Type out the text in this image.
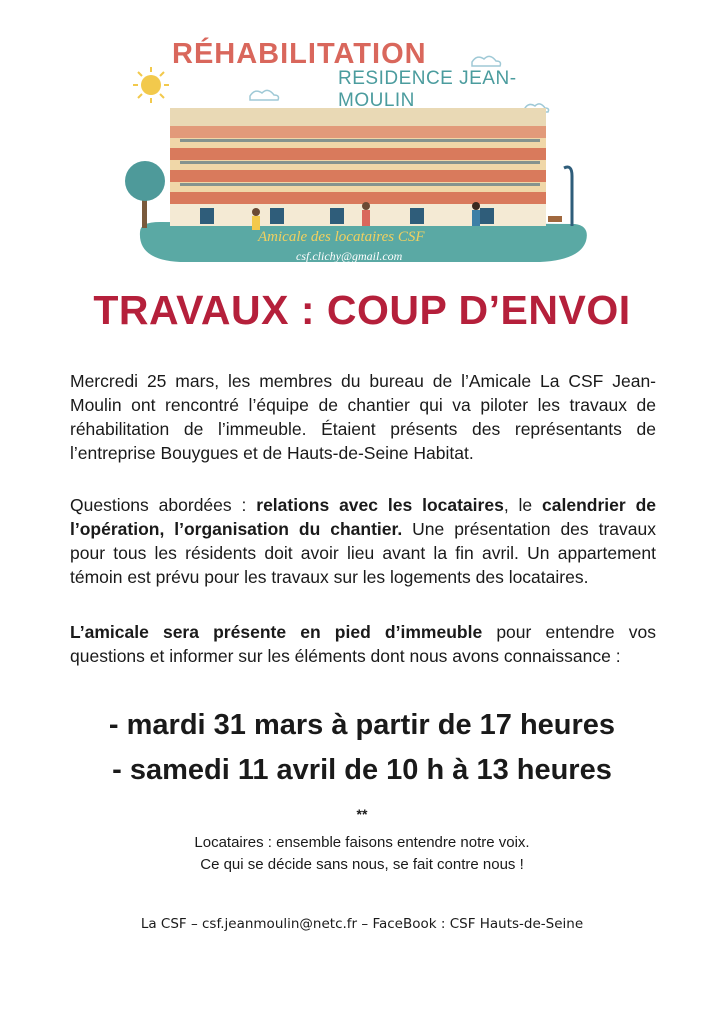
RÉHABILITATION
RESIDENCE JEAN-MOULIN
Amicale des locataires CSF
csf.clichy@gmail.com
TRAVAUX : COUP D’ENVOI

Mercredi 25 mars, les membres du bureau de l’Amicale La CSF Jean-Moulin ont rencontré l’équipe de chantier qui va piloter les travaux de réhabilitation de l’immeuble. Étaient présents des représentants de l’entreprise Bouygues et de Hauts-de-Seine Habitat.

Questions abordées : relations avec les locataires, le calendrier de l’opération, l’organisation du chantier. Une présentation des travaux pour tous les résidents doit avoir lieu avant la fin avril. Un appartement témoin est prévu pour les travaux sur les logements des locataires.

L’amicale sera présente en pied d’immeuble pour entendre vos questions et informer sur les éléments dont nous avons connaissance :

- mardi 31 mars à partir de 17 heures
- samedi 11 avril de 10 h à 13 heures
**
Locataires : ensemble faisons entendre notre voix.
Ce qui se décide sans nous, se fait contre nous !
La CSF – csf.jeanmoulin@netc.fr – FaceBook : CSF Hauts-de-Seine
